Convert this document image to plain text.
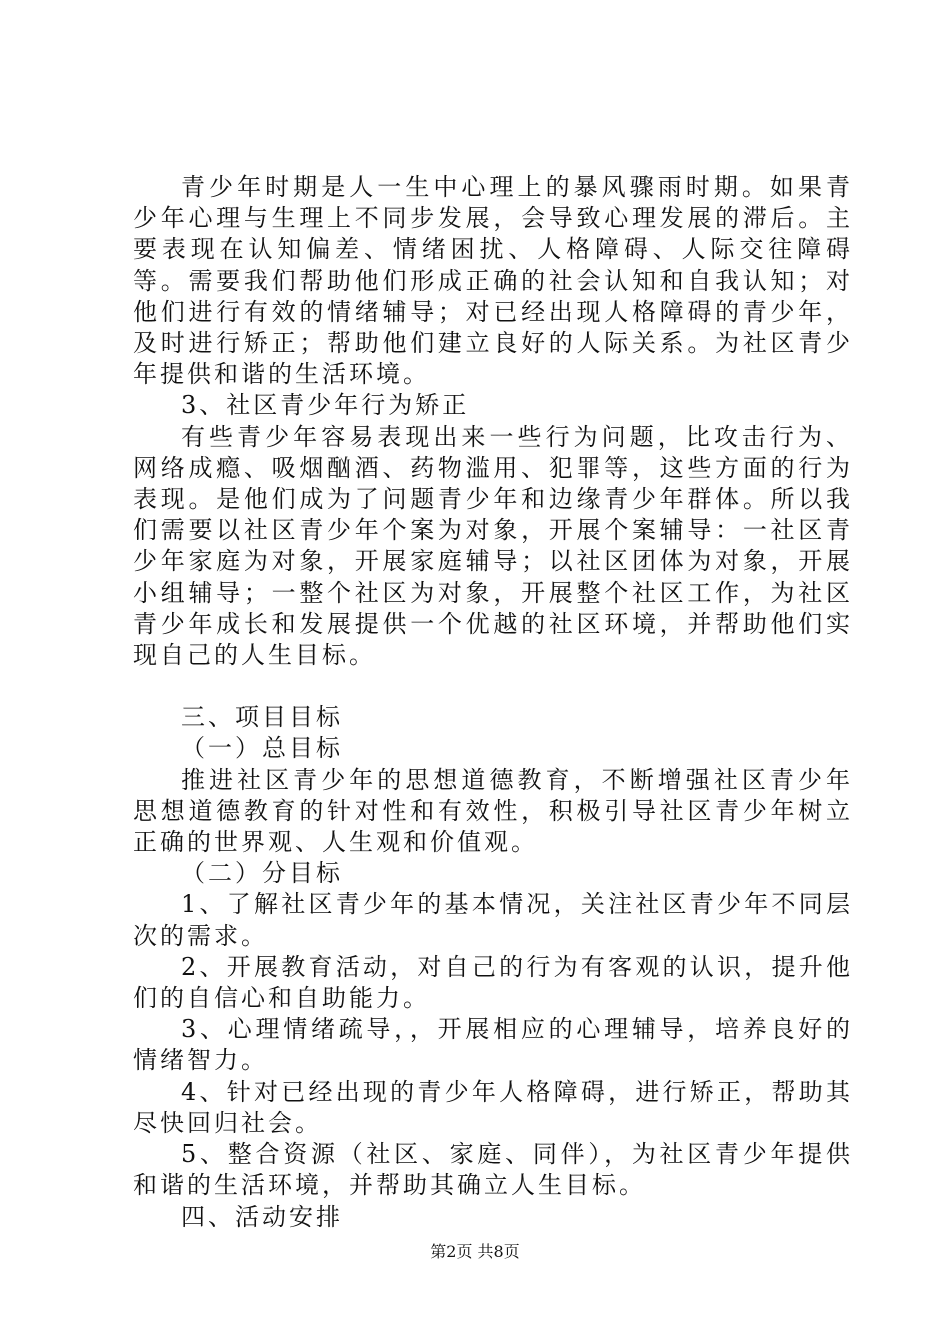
青少年时期是人一生中心理上的暴风骤雨时期。如果青少年心理与生理上不同步发展，会导致心理发展的滞后。主要表现在认知偏差、情绪困扰、人格障碍、人际交往障碍等。需要我们帮助他们形成正确的社会认知和自我认知；对他们进行有效的情绪辅导；对已经出现人格障碍的青少年，及时进行矫正；帮助他们建立良好的人际关系。为社区青少年提供和谐的生活环境。

3、社区青少年行为矫正

有些青少年容易表现出来一些行为问题，比攻击行为、网络成瘾、吸烟酗酒、药物滥用、犯罪等，这些方面的行为表现。是他们成为了问题青少年和边缘青少年群体。所以我们需要以社区青少年个案为对象，开展个案辅导：一社区青少年家庭为对象，开展家庭辅导；以社区团体为对象，开展小组辅导；一整个社区为对象，开展整个社区工作，为社区青少年成长和发展提供一个优越的社区环境，并帮助他们实现自己的人生目标。

三、项目目标

（一）总目标

推进社区青少年的思想道德教育，不断增强社区青少年思想道德教育的针对性和有效性，积极引导社区青少年树立正确的世界观、人生观和价值观。

（二）分目标

1、了解社区青少年的基本情况，关注社区青少年不同层次的需求。

2、开展教育活动，对自己的行为有客观的认识，提升他们的自信心和自助能力。

3、心理情绪疏导，，开展相应的心理辅导，培养良好的情绪智力。

4、针对已经出现的青少年人格障碍，进行矫正，帮助其尽快回归社会。

5、整合资源（社区、家庭、同伴），为社区青少年提供和谐的生活环境，并帮助其确立人生目标。

四、活动安排

第2页 共8页
